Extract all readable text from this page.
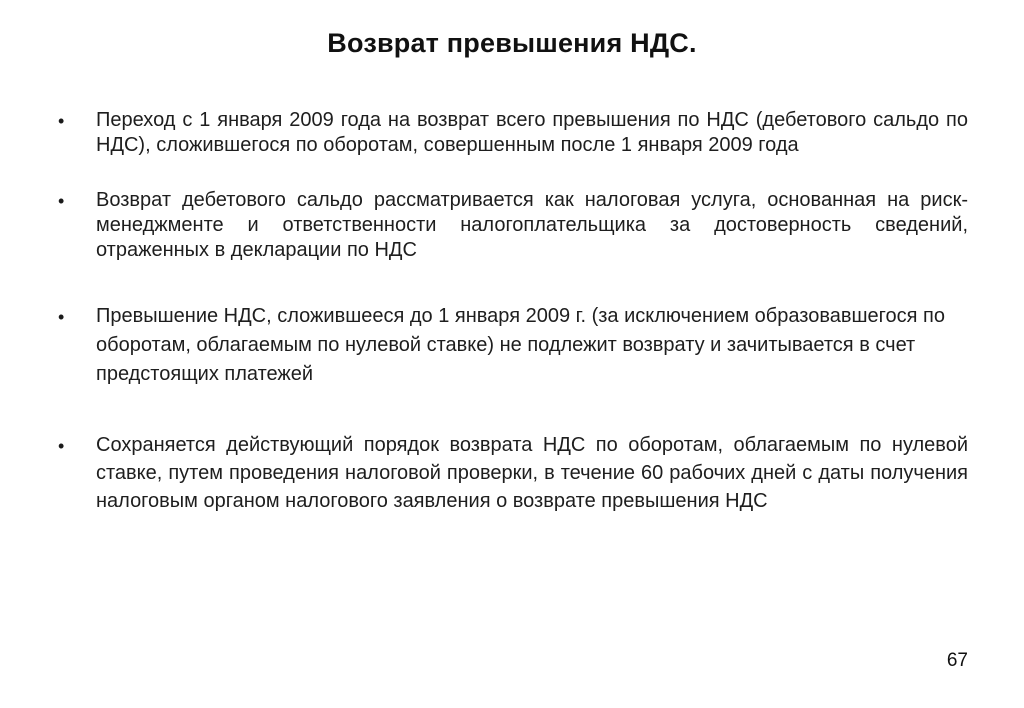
Возврат превышения НДС.
•	Переход с 1 января 2009 года на возврат всего превышения по НДС (дебетового сальдо по НДС), сложившегося по оборотам, совершенным после 1 января 2009 года
•	Возврат дебетового сальдо рассматривается как налоговая услуга, основанная на риск-менеджменте и ответственности налогоплательщика за достоверность сведений, отраженных в декларации по НДС
•	Превышение НДС, сложившееся до 1 января 2009 г. (за исключением образовавшегося по оборотам, облагаемым по нулевой ставке) не подлежит возврату и зачитывается в счет предстоящих платежей
•	Сохраняется действующий порядок возврата НДС по оборотам, облагаемым по нулевой ставке, путем проведения налоговой проверки, в течение 60 рабочих дней с даты получения налоговым органом налогового заявления о возврате превышения НДС
67
